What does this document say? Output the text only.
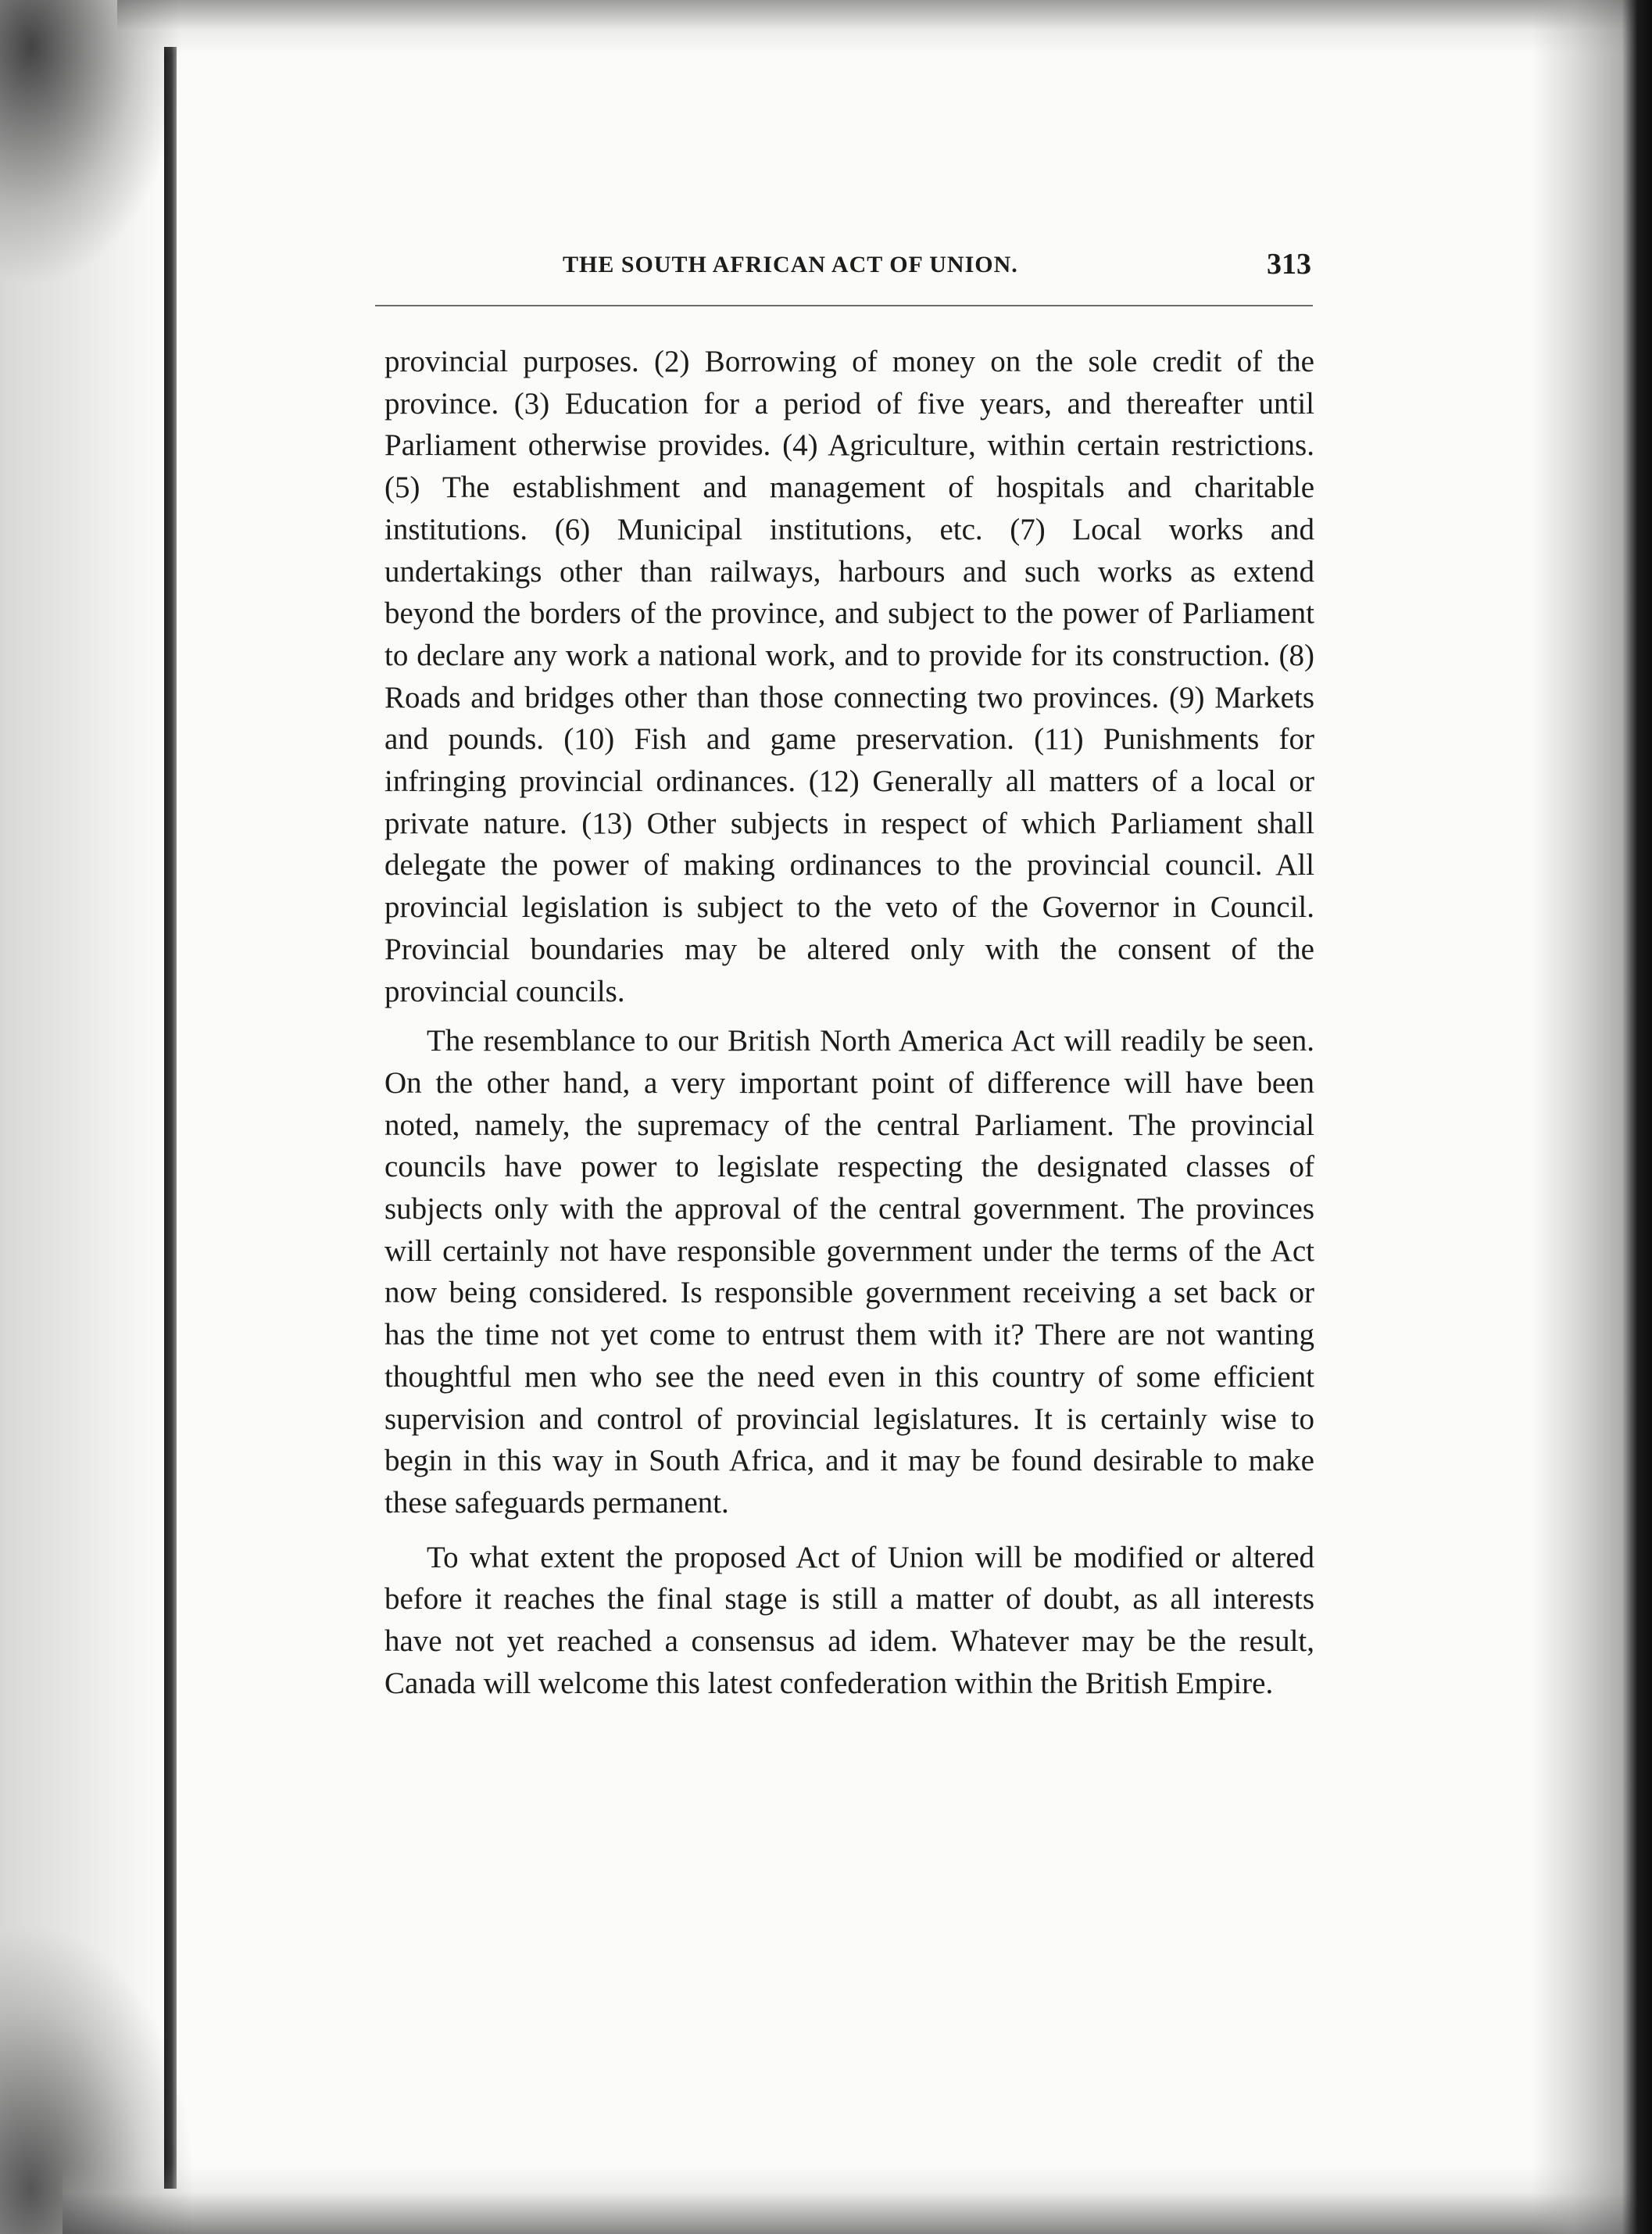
THE SOUTH AFRICAN ACT OF UNION.	313

provincial purposes. (2) Borrowing of money on the sole credit of the province. (3) Education for a period of five years, and thereafter until Parliament otherwise provides. (4) Agriculture, within certain restrictions. (5) The establishment and management of hospitals and charitable institutions. (6) Municipal institutions, etc. (7) Local works and undertakings other than railways, harbours and such works as extend beyond the borders of the province, and subject to the power of Parliament to declare any work a national work, and to provide for its construction. (8) Roads and bridges other than those connecting two provinces. (9) Markets and pounds. (10) Fish and game preservation. (11) Punishments for infringing provincial ordinances. (12) Generally all matters of a local or private nature. (13) Other subjects in respect of which Parliament shall delegate the power of making ordinances to the provincial council. All provincial legislation is subject to the veto of the Governor in Council. Provincial boundaries may be altered only with the consent of the provincial councils.

The resemblance to our British North America Act will readily be seen. On the other hand, a very important point of difference will have been noted, namely, the supremacy of the central Parliament. The provincial councils have power to legislate respecting the designated classes of subjects only with the approval of the central government. The provinces will certainly not have responsible government under the terms of the Act now being considered. Is responsible government receiving a set back or has the time not yet come to entrust them with it? There are not wanting thoughtful men who see the need even in this country of some efficient supervision and control of provincial legislatures. It is certainly wise to begin in this way in South Africa, and it may be found desirable to make these safeguards permanent.

To what extent the proposed Act of Union will be modified or altered before it reaches the final stage is still a matter of doubt, as all interests have not yet reached a consensus ad idem. Whatever may be the result, Canada will welcome this latest confederation within the British Empire.
